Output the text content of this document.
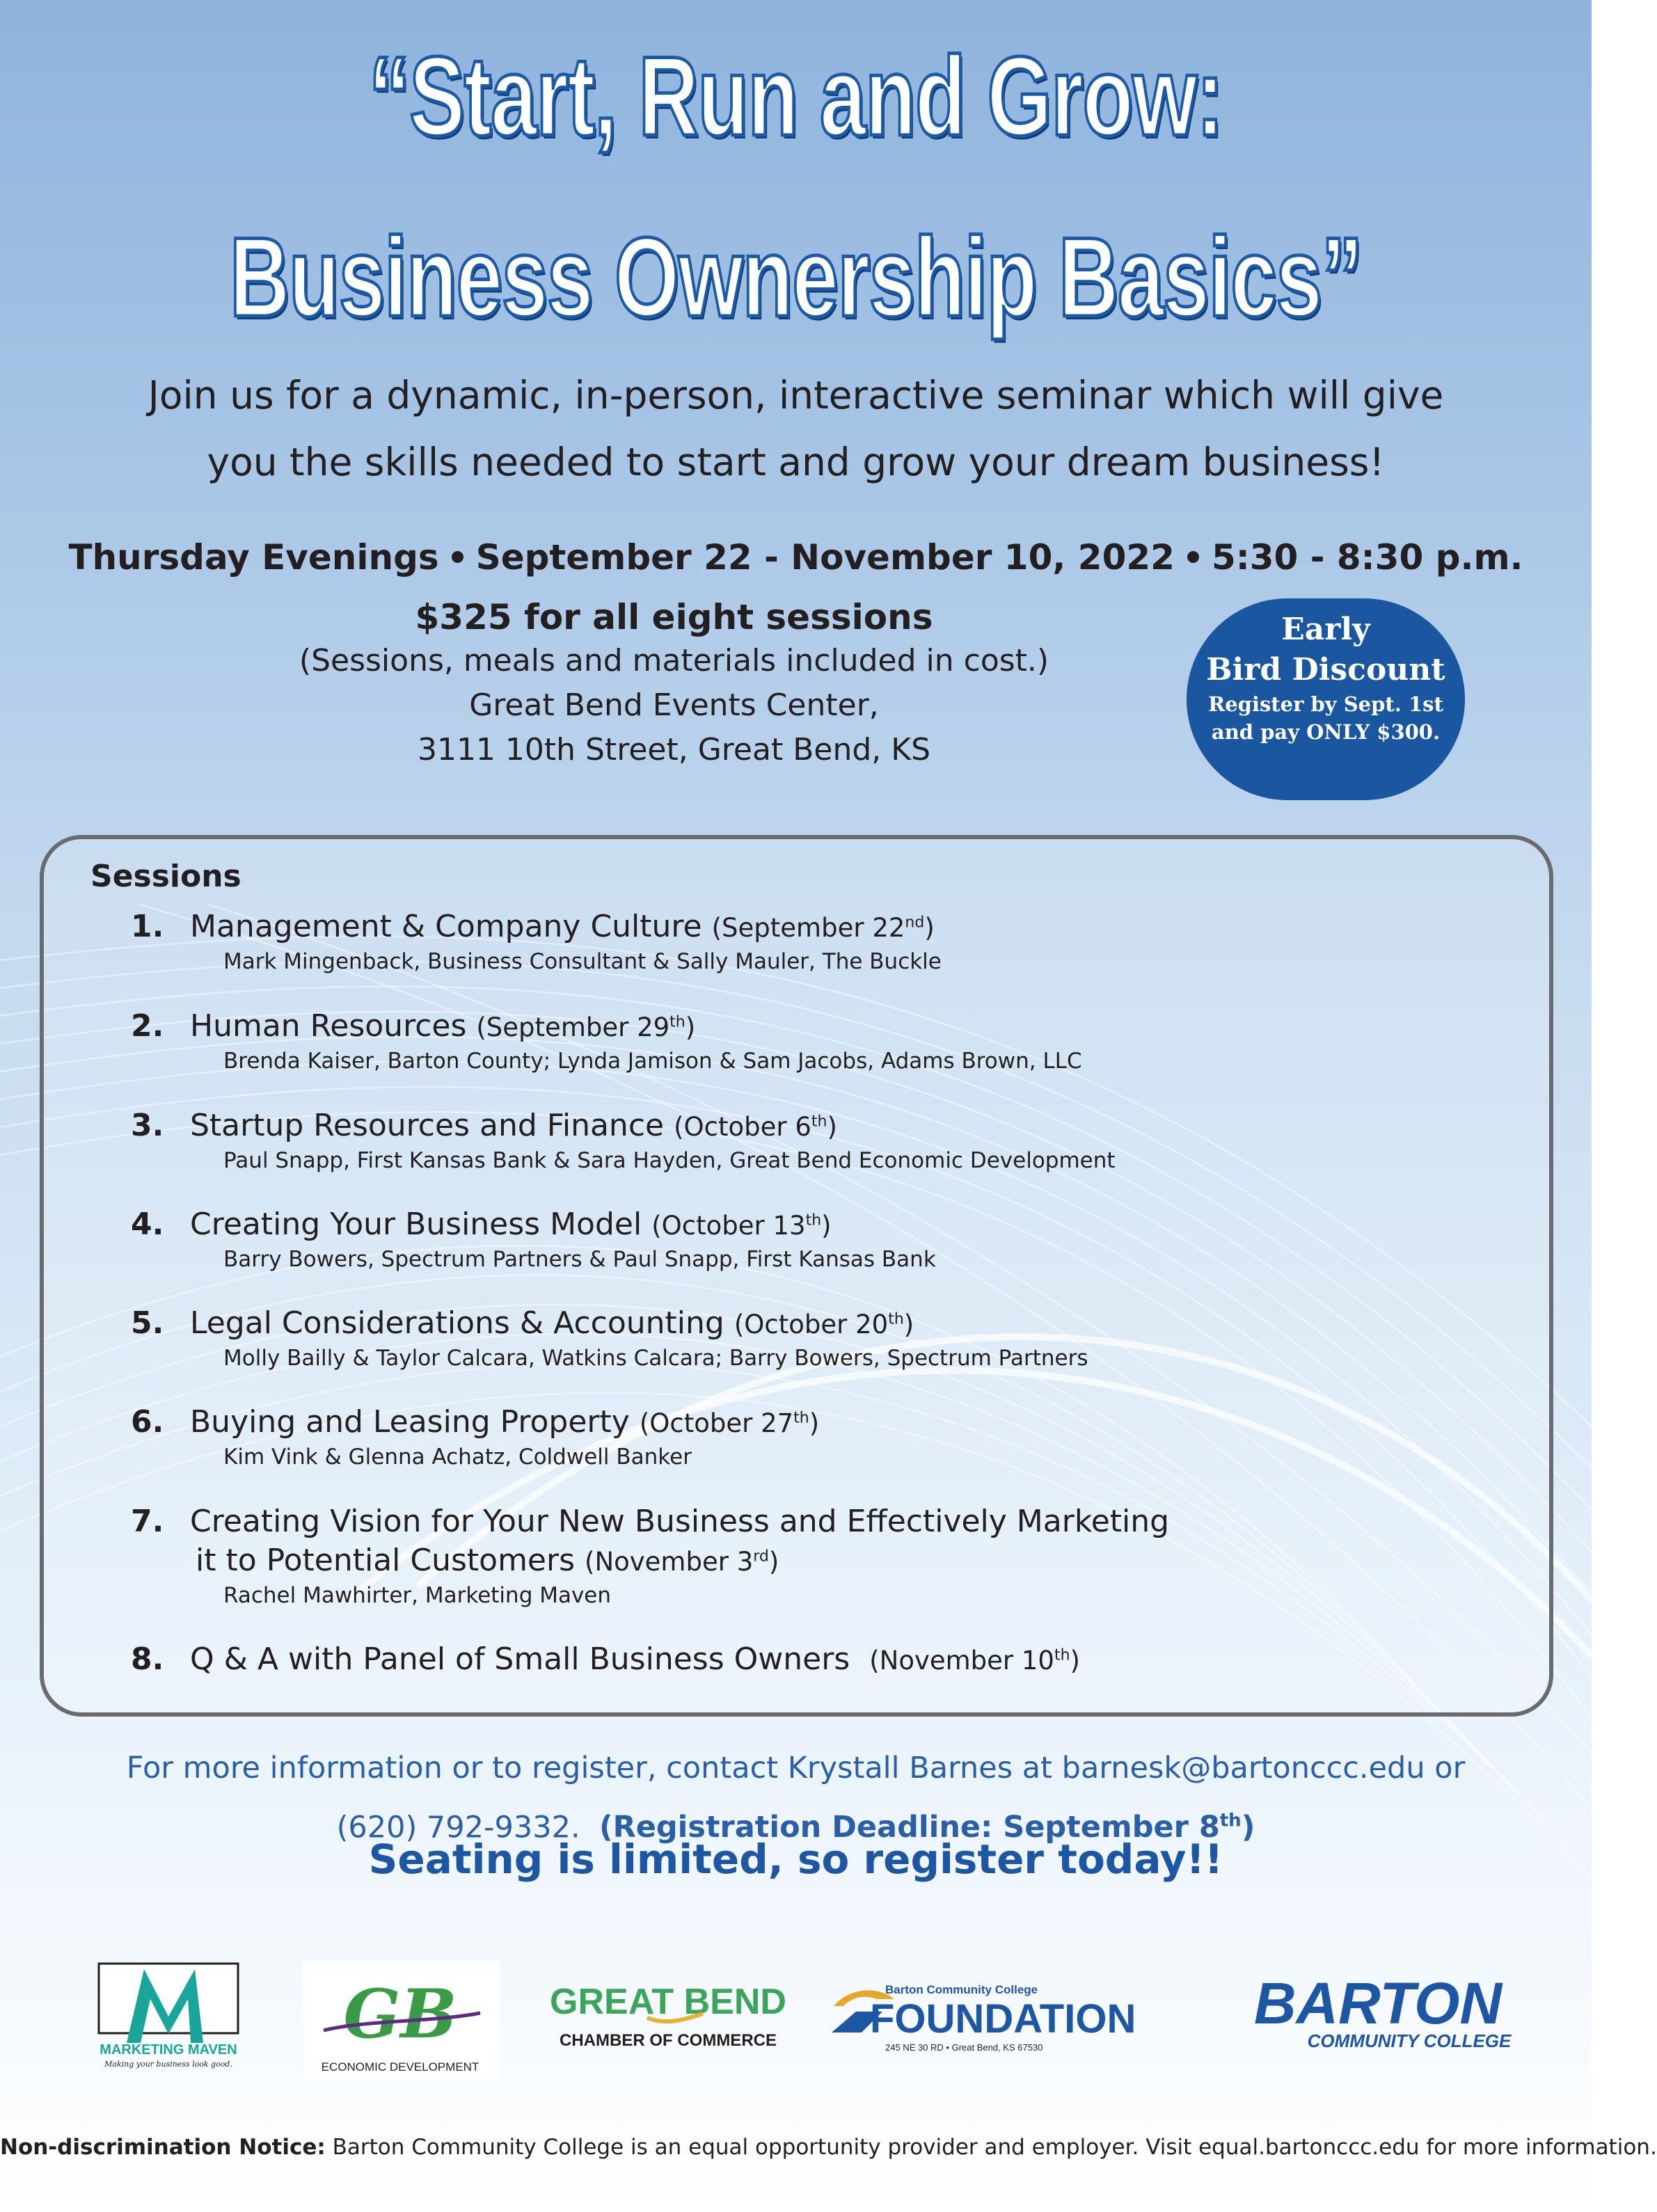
“Start, Run and Grow:
Business Ownership Basics”
Join us for a dynamic, in-person, interactive seminar which will give
you the skills needed to start and grow your dream business!
Thursday Evenings September 22 - November 10, 2022 5:30 - 8:30 p.m.
$325 for all eight sessions
(Sessions, meals and materials included in cost.)
Great Bend Events Center,
3111 10th Street, Great Bend, KS
Early
Bird Discount
Register by Sept. 1st
and pay ONLY $300.
Sessions
1. Management & Company Culture (September 22nd)
Mark Mingenback, Business Consultant & Sally Mauler, The Buckle
2. Human Resources (September 29th)
Brenda Kaiser, Barton County; Lynda Jamison & Sam Jacobs, Adams Brown, LLC
3. Startup Resources and Finance (October 6th)
Paul Snapp, First Kansas Bank & Sara Hayden, Great Bend Economic Development
4. Creating Your Business Model (October 13th)
Barry Bowers, Spectrum Partners & Paul Snapp, First Kansas Bank
5. Legal Considerations & Accounting (October 20th)
Molly Bailly & Taylor Calcara, Watkins Calcara; Barry Bowers, Spectrum Partners
6. Buying and Leasing Property (October 27th)
Kim Vink & Glenna Achatz, Coldwell Banker
7. Creating Vision for Your New Business and Effectively Marketing
it to Potential Customers (November 3rd)
Rachel Mawhirter, Marketing Maven
8. Q & A with Panel of Small Business Owners (November 10th)
For more information or to register, contact Krystall Barnes at barnesk@bartonccc.edu or
(620) 792-9332. (Registration Deadline: September 8th)
Seating is limited, so register today!!
MARKETING MAVEN
Making your business look good.
GB
ECONOMIC DEVELOPMENT
GREAT BEND
CHAMBER OF COMMERCE
Barton Community College
FOUNDATION
245 NE 30 RD • Great Bend, KS 67530
BARTON
COMMUNITY COLLEGE
Non-discrimination Notice: Barton Community College is an equal opportunity provider and employer. Visit equal.bartonccc.edu for more information.
